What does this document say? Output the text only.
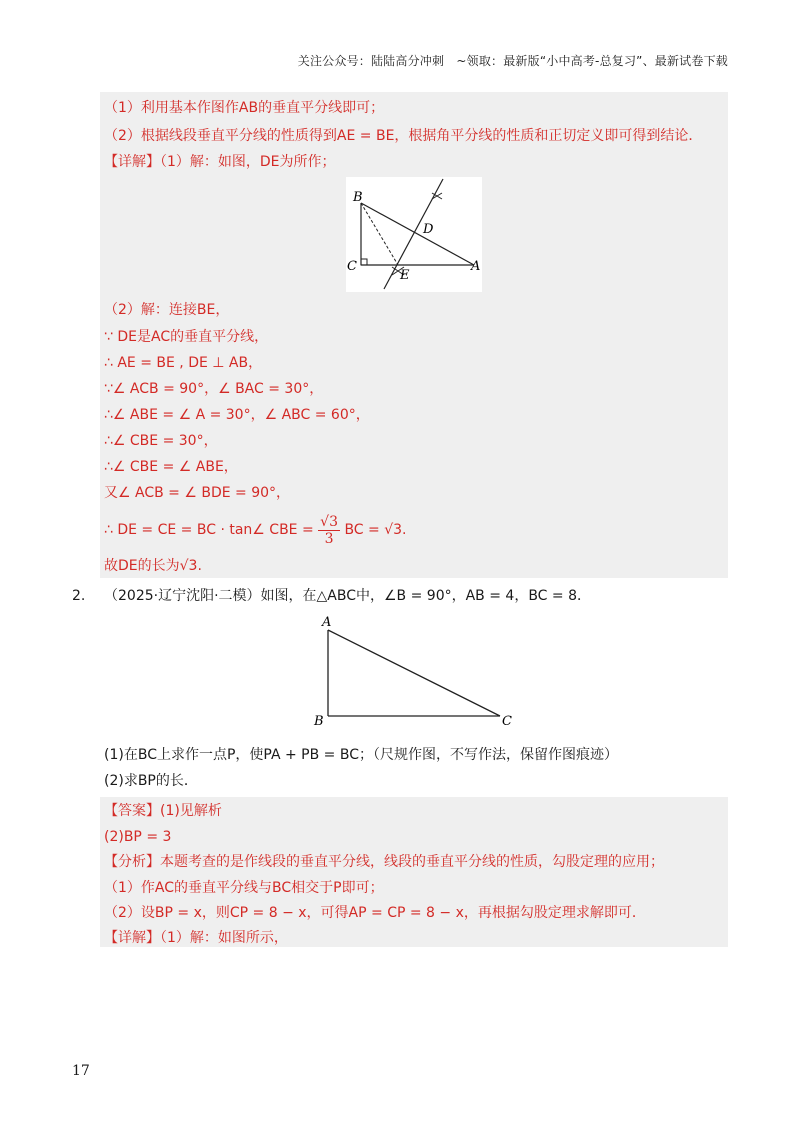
关注公众号：陆陆高分冲刺　~领取：最新版“小中高考-总复习”、最新试卷下载
（1）利用基本作图作AB的垂直平分线即可；
（2）根据线段垂直平分线的性质得到AE = BE，根据角平分线的性质和正切定义即可得到结论．
【详解】（1）解：如图，DE为所作；
B
C
D
E
A
（2）解：连接BE，
∵ DE是AC的垂直平分线，
∴ AE = BE , DE ⊥ AB，
∵∠ ACB = 90°，∠ BAC = 30°，
∴∠ ABE = ∠ A = 30°，∠ ABC = 60°，
∴∠ CBE = 30°，
∴∠ CBE = ∠ ABE，
又∠ ACB = ∠ BDE = 90°，
∴ DE = CE = BC · tan∠ CBE = $\frac{√3}{3}$ BC = √3.
故DE的长为√3.
2. （2025·辽宁沈阳·二模）如图，在△ABC中，∠B = 90°，AB = 4，BC = 8．
A
B	C
(1)在BC上求作一点P，使PA + PB = BC；（尺规作图，不写作法，保留作图痕迹）
(2)求BP的长．
【答案】(1)见解析
(2)BP = 3
【分析】本题考查的是作线段的垂直平分线，线段的垂直平分线的性质，勾股定理的应用；
（1）作AC的垂直平分线与BC相交于P即可；
（2）设BP = x，则CP = 8 − x，可得AP = CP = 8 − x，再根据勾股定理求解即可．
【详解】（1）解：如图所示，
17
